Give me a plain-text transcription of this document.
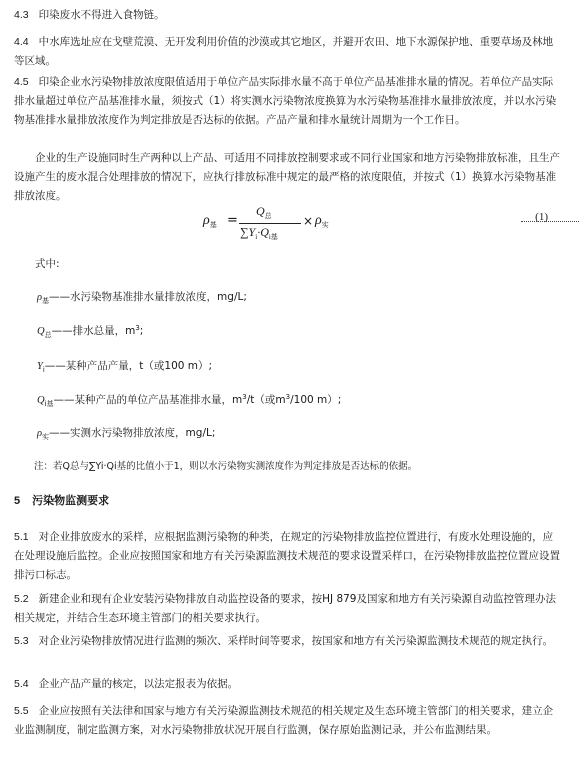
4.3 印染废水不得进入食物链。
4.4 中水库选址应在戈壁荒漠、无开发利用价值的沙漠或其它地区，并避开农田、地下水源保护地、重要草场及林地等区域。
4.5 印染企业水污染物排放浓度限值适用于单位产品实际排水量不高于单位产品基准排水量的情况。若单位产品实际排水量超过单位产品基准排水量，须按式（1）将实测水污染物浓度换算为水污染物基准排水量排放浓度，并以水污染物基准排水量排放浓度作为判定排放是否达标的依据。产品产量和排水量统计周期为一个工作日。
企业的生产设施同时生产两种以上产品、可适用不同排放控制要求或不同行业国家和地方污染物排放标准，且生产设施产生的废水混合处理排放的情况下，应执行排放标准中规定的最严格的浓度限值，并按式（1）换算水污染物基准排放浓度。
$\rho_基$ =
$Q_总$
$\sum Y_i\cdot Q_{i基}$
× $\rho_实$
(1)
式中:
$\rho_基——$水污染物基准排水量排放浓度，mg/L;
$Q_总——$排水总量，$m^3$;
$Y_i——$某种产品产量，t（或100 m）;
$Q_{i基}——$某种产品的单位产品基准排水量，$m^3/t$（或$m^3/100$ m）;
$\rho_实——$实测水污染物排放浓度，mg/L;
注：若Q总与∑Yi·Qi基的比值小于1，则以水污染物实测浓度作为判定排放是否达标的依据。
5 污染物监测要求
5.1 对企业排放废水的采样，应根据监测污染物的种类，在规定的污染物排放监控位置进行，有废水处理设施的，应在处理设施后监控。企业应按照国家和地方有关污染源监测技术规范的要求设置采样口，在污染物排放监控位置应设置排污口标志。
5.2 新建企业和现有企业安装污染物排放自动监控设备的要求，按HJ 879及国家和地方有关污染源自动监控管理办法相关规定，并结合生态环境主管部门的相关要求执行。
5.3 对企业污染物排放情况进行监测的频次、采样时间等要求，按国家和地方有关污染源监测技术规范的规定执行。
5.4 企业产品产量的核定，以法定报表为依据。
5.5 企业应按照有关法律和国家与地方有关污染源监测技术规范的相关规定及生态环境主管部门的相关要求，建立企业监测制度，制定监测方案，对水污染物排放状况开展自行监测，保存原始监测记录，并公布监测结果。
